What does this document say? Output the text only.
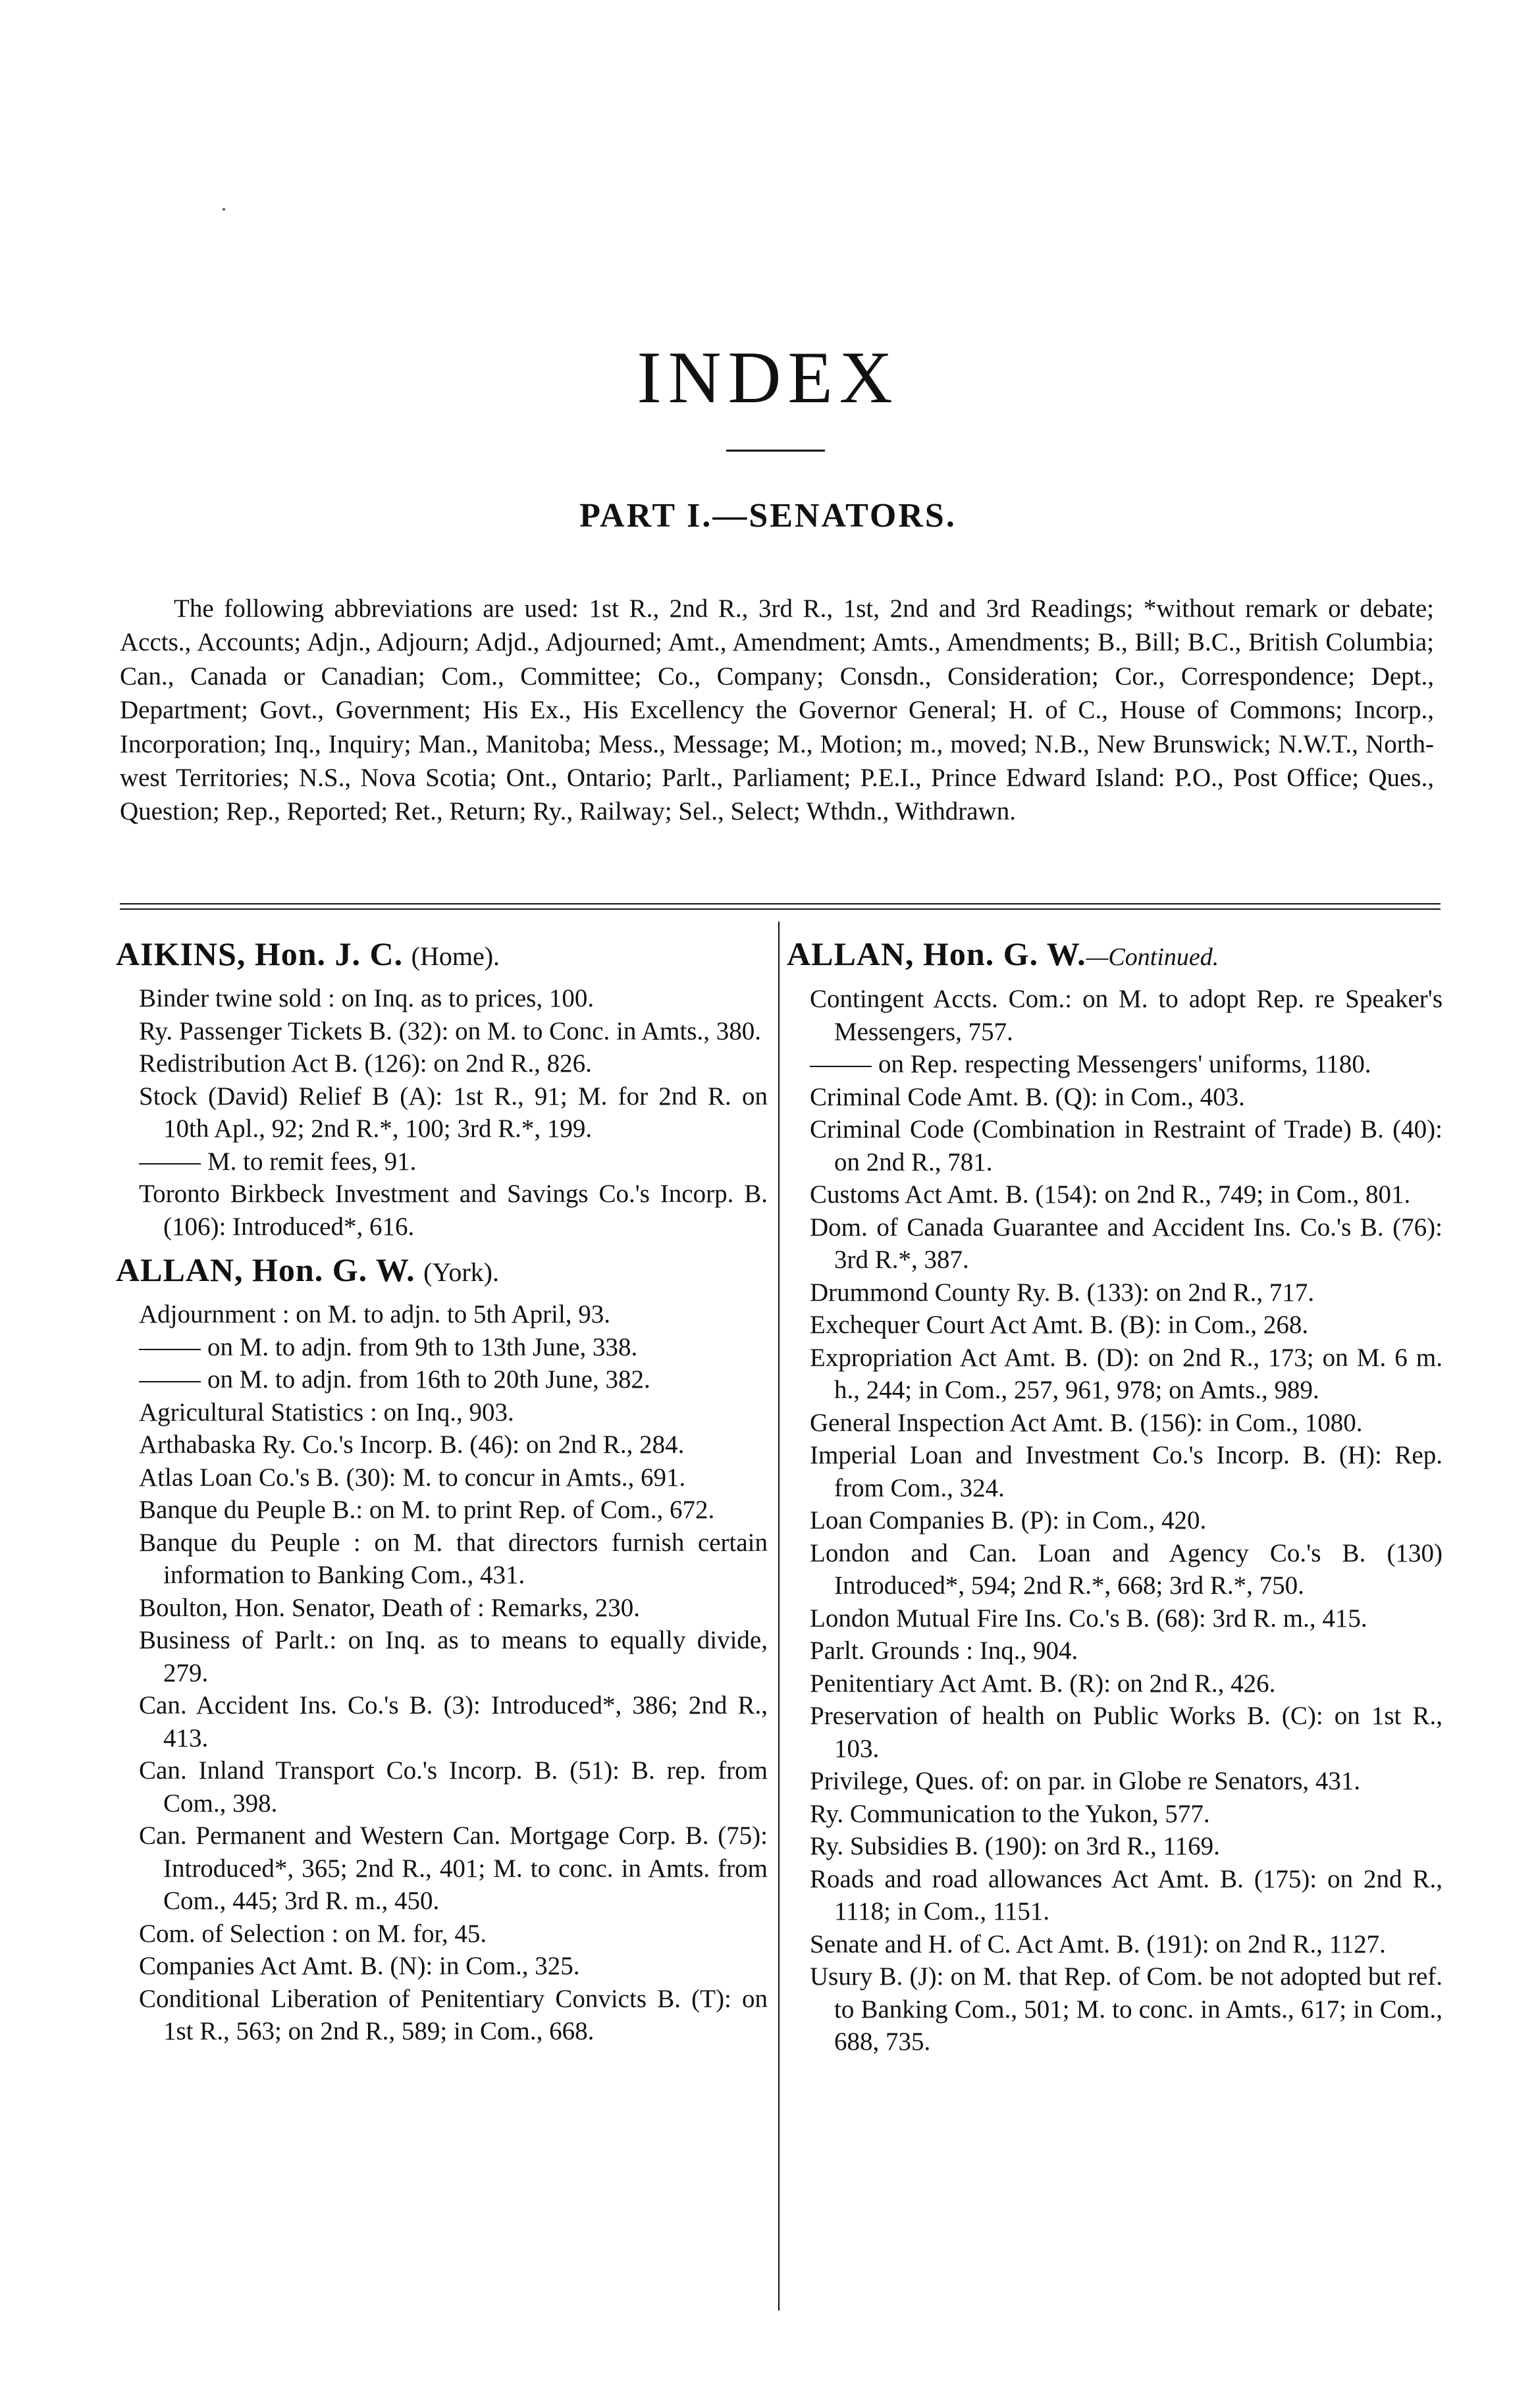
INDEX
PART I.—SENATORS.

The following abbreviations are used: 1st R., 2nd R., 3rd R., 1st, 2nd and 3rd Readings; *without remark or debate; Accts., Accounts; Adjn., Adjourn; Adjd., Adjourned; Amt., Amendment; Amts., Amendments; B., Bill; B.C., British Columbia; Can., Canada or Canadian; Com., Committee; Co., Company; Consdn., Consideration; Cor., Correspondence; Dept., Department; Govt., Government; His Ex., His Excellency the Governor General; H. of C., House of Commons; Incorp., Incorporation; Inq., Inquiry; Man., Manitoba; Mess., Message; M., Motion; m., moved; N.B., New Brunswick; N.W.T., North-west Territories; N.S., Nova Scotia; Ont., Ontario; Parlt., Parliament; P.E.I., Prince Edward Island: P.O., Post Office; Ques., Question; Rep., Reported; Ret., Return; Ry., Railway; Sel., Select; Wthdn., Withdrawn.

AIKINS, Hon. J. C. (Home).

Binder twine sold : on Inq. as to prices, 100.

Ry. Passenger Tickets B. (32): on M. to Conc. in Amts., 380.

Redistribution Act B. (126): on 2nd R., 826.

Stock (David) Relief B (A): 1st R., 91; M. for 2nd R. on 10th Apl., 92; 2nd R.*, 100; 3rd R.*, 199.

M. to remit fees, 91.

Toronto Birkbeck Investment and Savings Co.'s Incorp. B. (106): Introduced*, 616.

ALLAN, Hon. G. W. (York).

Adjournment : on M. to adjn. to 5th April, 93.

on M. to adjn. from 9th to 13th June, 338.

on M. to adjn. from 16th to 20th June, 382.

Agricultural Statistics : on Inq., 903.

Arthabaska Ry. Co.'s Incorp. B. (46): on 2nd R., 284.

Atlas Loan Co.'s B. (30): M. to concur in Amts., 691.

Banque du Peuple B.: on M. to print Rep. of Com., 672.

Banque du Peuple : on M. that directors furnish certain information to Banking Com., 431.

Boulton, Hon. Senator, Death of : Remarks, 230.

Business of Parlt.: on Inq. as to means to equally divide, 279.

Can. Accident Ins. Co.'s B. (3): Introduced*, 386; 2nd R., 413.

Can. Inland Transport Co.'s Incorp. B. (51): B. rep. from Com., 398.

Can. Permanent and Western Can. Mortgage Corp. B. (75): Introduced*, 365; 2nd R., 401; M. to conc. in Amts. from Com., 445; 3rd R. m., 450.

Com. of Selection : on M. for, 45.

Companies Act Amt. B. (N): in Com., 325.

Conditional Liberation of Penitentiary Convicts B. (T): on 1st R., 563; on 2nd R., 589; in Com., 668.

ALLAN, Hon. G. W.—Continued.

Contingent Accts. Com.: on M. to adopt Rep. re Speaker's Messengers, 757.

on Rep. respecting Messengers' uniforms, 1180.

Criminal Code Amt. B. (Q): in Com., 403.

Criminal Code (Combination in Restraint of Trade) B. (40): on 2nd R., 781.

Customs Act Amt. B. (154): on 2nd R., 749; in Com., 801.

Dom. of Canada Guarantee and Accident Ins. Co.'s B. (76): 3rd R.*, 387.

Drummond County Ry. B. (133): on 2nd R., 717.

Exchequer Court Act Amt. B. (B): in Com., 268.

Expropriation Act Amt. B. (D): on 2nd R., 173; on M. 6 m. h., 244; in Com., 257, 961, 978; on Amts., 989.

General Inspection Act Amt. B. (156): in Com., 1080.

Imperial Loan and Investment Co.'s Incorp. B. (H): Rep. from Com., 324.

Loan Companies B. (P): in Com., 420.

London and Can. Loan and Agency Co.'s B. (130) Introduced*, 594; 2nd R.*, 668; 3rd R.*, 750.

London Mutual Fire Ins. Co.'s B. (68): 3rd R. m., 415.

Parlt. Grounds : Inq., 904.

Penitentiary Act Amt. B. (R): on 2nd R., 426.

Preservation of health on Public Works B. (C): on 1st R., 103.

Privilege, Ques. of: on par. in Globe re Senators, 431.

Ry. Communication to the Yukon, 577.

Ry. Subsidies B. (190): on 3rd R., 1169.

Roads and road allowances Act Amt. B. (175): on 2nd R., 1118; in Com., 1151.

Senate and H. of C. Act Amt. B. (191): on 2nd R., 1127.

Usury B. (J): on M. that Rep. of Com. be not adopted but ref. to Banking Com., 501; M. to conc. in Amts., 617; in Com., 688, 735.
